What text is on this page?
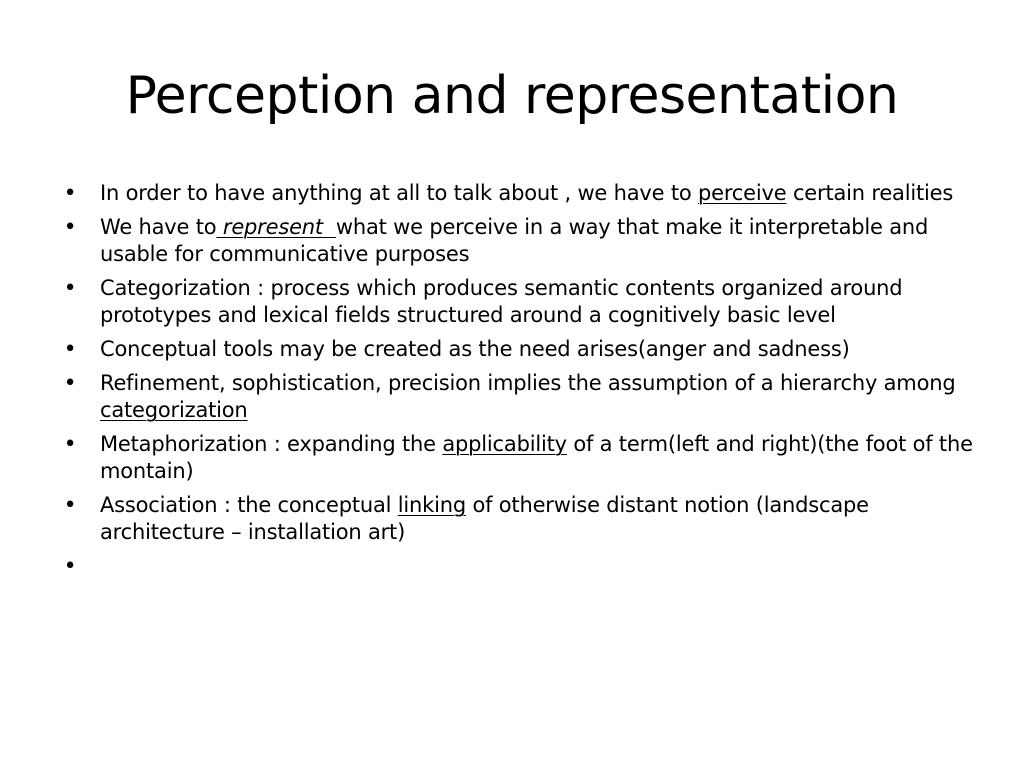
Perception and representation
• In order to have anything at all to talk about , we have to perceive certain realities
• We have to represent  what we perceive in a way that make it interpretable and usable for communicative purposes
• Categorization : process which produces semantic contents organized around prototypes and lexical fields structured around a cognitively basic level
• Conceptual tools may be created as the need arises(anger and sadness)
• Refinement, sophistication, precision implies the assumption of a hierarchy among categorization
• Metaphorization : expanding the applicability of a term(left and right)(the foot of the montain)
• Association : the conceptual linking of otherwise distant notion (landscape architecture – installation art)
•
